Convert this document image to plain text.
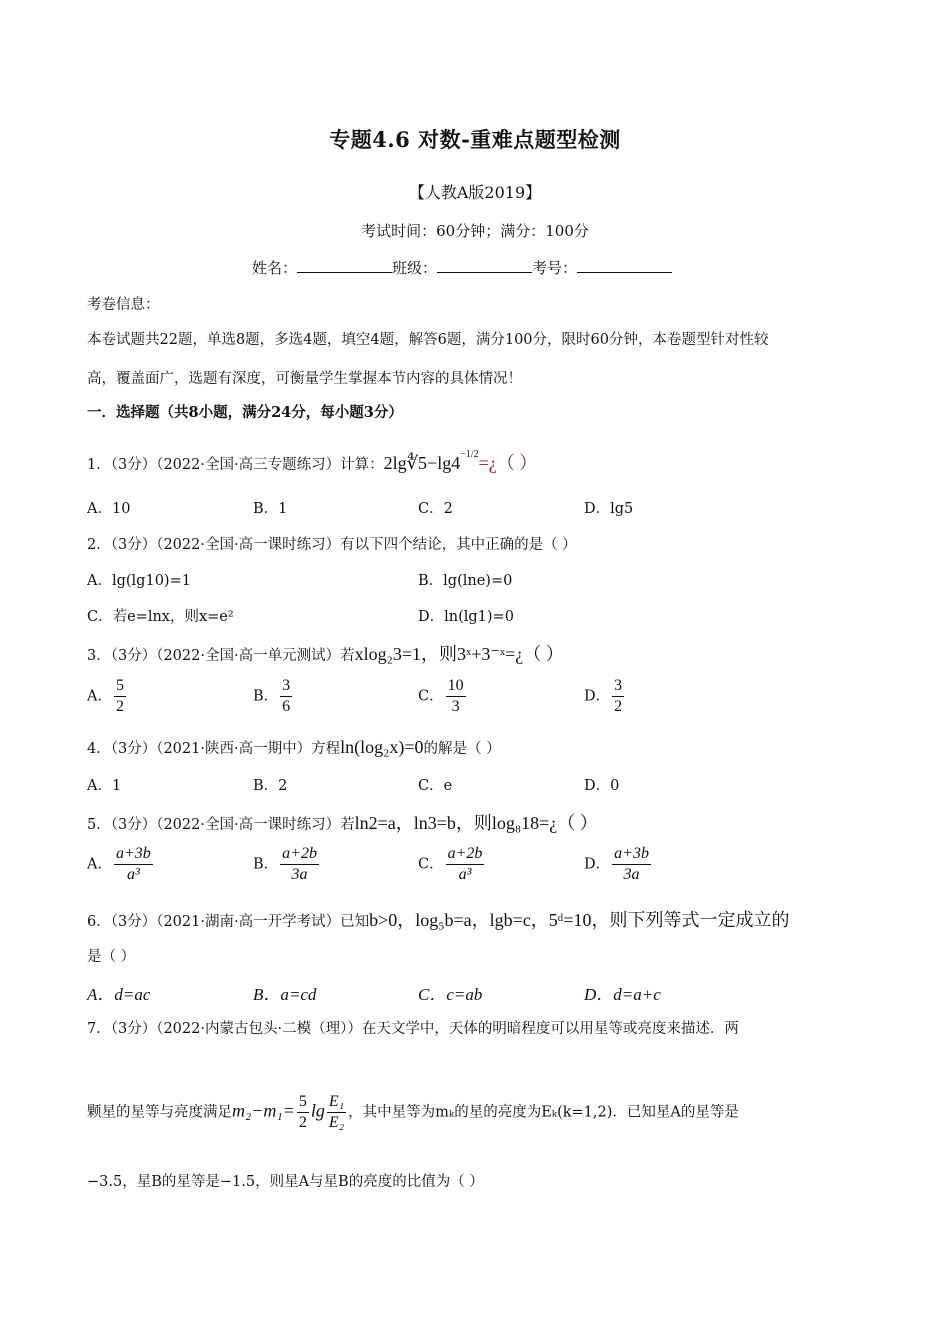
专题4.6 对数-重难点题型检测
【人教A版2019】
考试时间：60分钟；满分：100分
姓名：	班级：	考号：
考卷信息：
本卷试题共22题，单选8题，多选4题，填空4题，解答6题，满分100分，限时60分钟，本卷题型针对性较
高，覆盖面广，选题有深度，可衡量学生掌握本节内容的具体情况！
一．选择题（共8小题，满分24分，每小题3分）
1．（3分）（2022·全国·高三专题练习）计算：$2\lg∜5-\lg 4^{-1/2}=¿$（ ）
A．10	B．1	C．2	D．lg5
2．（3分）（2022·全国·高一课时练习）有以下四个结论，其中正确的是（ ）
A．lg(lg10)=1	B．lg(lne)=0
C．若e=lnx，则x=e²	D．ln(lg1)=0
3．（3分）（2022·全国·高一单元测试）若xlog₂3=1，则3ˣ+3⁻ˣ=¿（ ）
A． $\frac{5}{2}$	B． $\frac{3}{6}$	C． $\frac{10}{3}$	D． $\frac{3}{2}$
4．（3分）（2021·陕西·高一期中）方程ln(log₂x)=0的解是（ ）
A．1	B．2	C．e	D．0
5．（3分）（2022·全国·高一课时练习）若ln2=a，ln3=b，则log₈18=¿（ ）
A． $\frac{a+3b}{\text{a³}}$	B． $\frac{a+2b}{3a}$	C． $\frac{a+2b}{\text{a³}}$	D． $\frac{a+3b}{3a}$
6．（3分）（2021·湖南·高一开学考试）已知b>0，log₅b=a，lgb=c，5ᵈ=10，则下列等式一定成立的
是（ ）
A．d=ac	B．a=cd	C．c=ab	D．d=a+c
7．（3分）（2022·内蒙古包头·二模（理））在天文学中，天体的明暗程度可以用星等或亮度来描述．两
颗星的星等与亮度满足$m_2-m_1= \frac{5}{2}$ $\lg \frac{\text{E₁}}{\text{E₂}}$ ，其中星等为mₖ的星的亮度为Eₖ(k=1,2)．已知星A的星等是
−3.5，星B的星等是−1.5，则星A与星B的亮度的比值为（ ）
